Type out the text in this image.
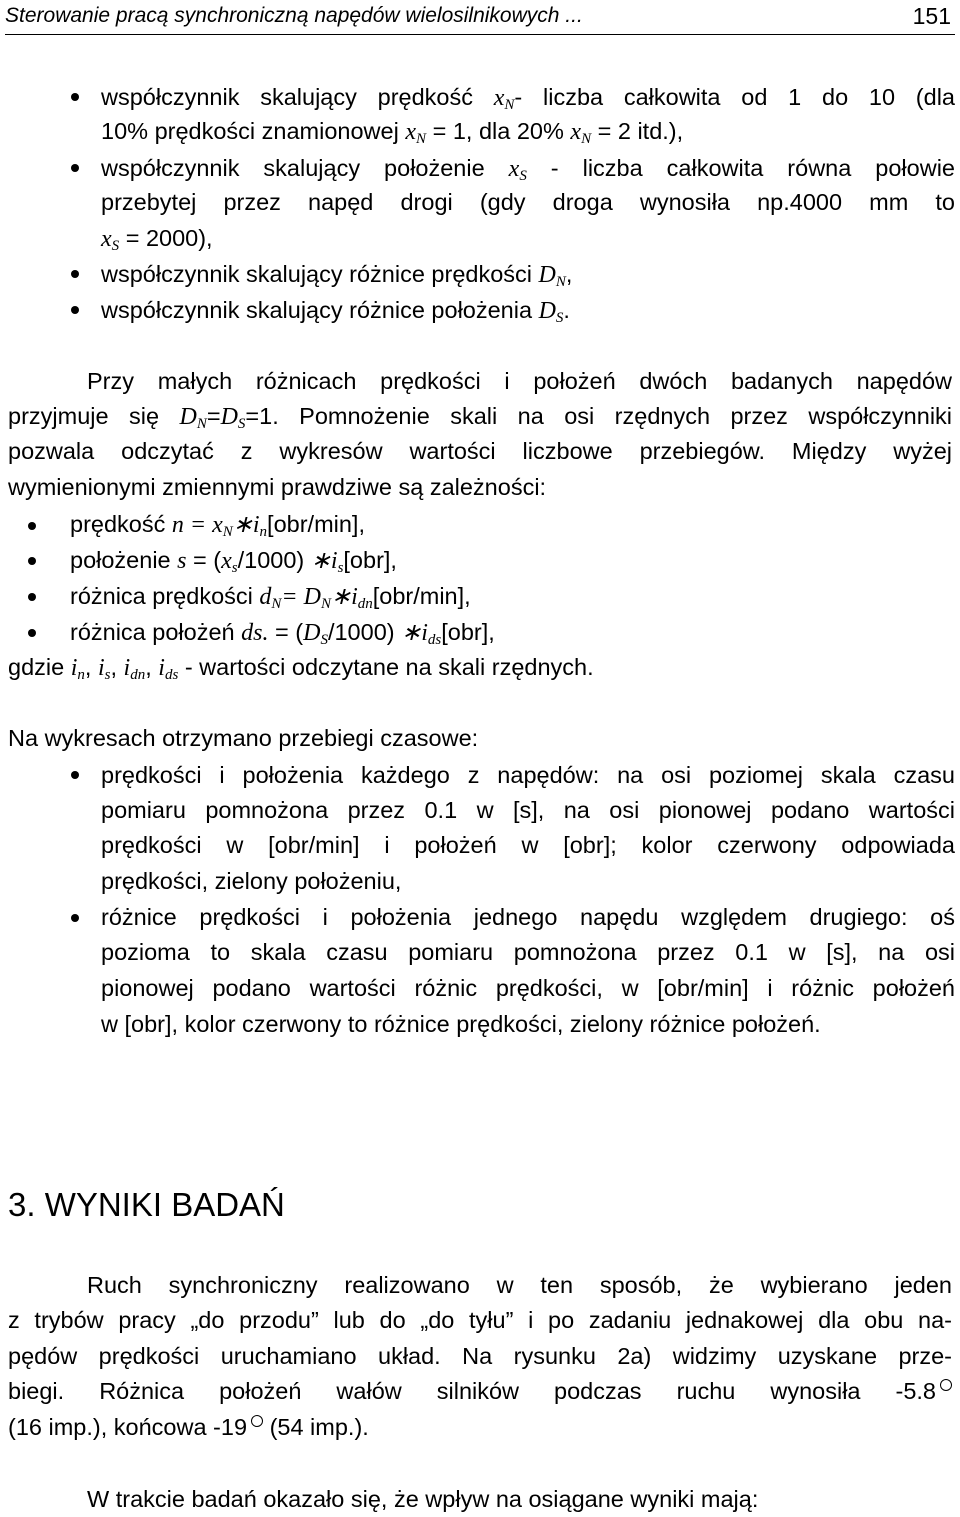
Sterowanie pracą synchroniczną napędów wielosilnikowych ...	151
współczynnik skalujący prędkość $x_N-$ liczba całkowita od 1 do 10 (dla
10% prędkości znamionowej $x_N = 1$, dla 20% $x_N = 2$ itd.),
współczynnik skalujący położenie $x_S$ - liczba całkowita równa połowie
przebytej przez napęd drogi (gdy droga wynosiła np.4000 mm to
$x_S = 2000$),
współczynnik skalujący różnice prędkości $D_N$,
współczynnik skalujący różnice położenia $D_S$.
Przy małych różnicach prędkości i położeń dwóch badanych napędów
przyjmuje się $D_N=D_S=1$. Pomnożenie skali na osi rzędnych przez współczynniki
pozwala odczytać z wykresów wartości liczbowe przebiegów. Między wyżej
wymienionymi zmiennymi prawdziwe są zależności:
prędkość $n = x_N∗i_n[obr/\min]$,
położenie $s = (x_s/1000)$ $∗i_s[obr]$,
różnica prędkości $d_N=$ $D_N∗i_{dn}[obr/\min]$,
różnica położeń ds. = $(D_S/1000)$ $∗i_{ds}[obr]$,
gdzie $i_n$, $i_s$, $i_{dn}$, $i_{ds}$ - wartości odczytane na skali rzędnych.
Na wykresach otrzymano przebiegi czasowe:
prędkości i położenia każdego z napędów: na osi poziomej skala czasu
pomiaru pomnożona przez 0.1 w [s], na osi pionowej podano wartości
prędkości w [obr/min] i położeń w [obr]; kolor czerwony odpowiada
prędkości, zielony położeniu,
różnice prędkości i położenia jednego napędu względem drugiego: oś
pozioma to skala czasu pomiaru pomnożona przez 0.1 w [s], na osi
pionowej podano wartości różnic prędkości, w [obr/min] i różnic położeń
w [obr], kolor czerwony to różnice prędkości, zielony różnice położeń.
3. WYNIKI BADAŃ
Ruch synchroniczny realizowano w ten sposób, że wybierano jeden
z trybów pracy „do przodu” lub do „do tyłu” i po zadaniu jednakowej dla obu na-
pędów prędkości uruchamiano układ. Na rysunku 2a) widzimy uzyskane prze-
biegi. Różnica położeń wałów silników podczas ruchu wynosiła -5.8
(16 imp.), końcowa -19 (54 imp.).
W trakcie badań okazało się, że wpływ na osiągane wyniki mają:
